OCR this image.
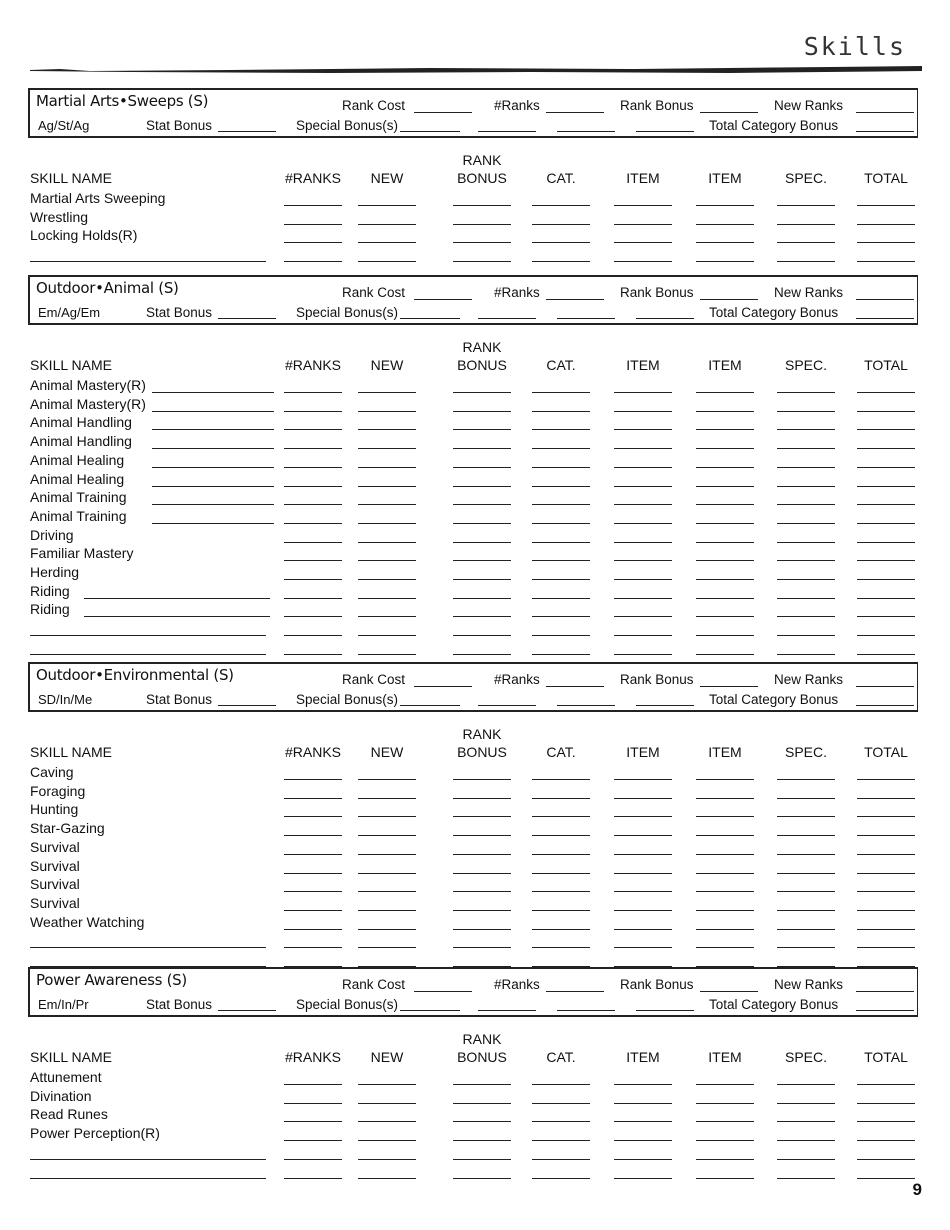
Skills
Martial Arts•Sweeps (S)
Ag/St/Ag
Rank Cost	#Ranks	Rank Bonus	New Ranks
Stat Bonus	Special Bonus(s)	Total Category Bonus
RANK
SKILL NAME	#RANKS	NEW	BONUS	CAT.	ITEM	ITEM	SPEC.	TOTAL
Martial Arts Sweeping
Wrestling
Locking Holds(R)
Outdoor•Animal (S)
Em/Ag/Em
Rank Cost	#Ranks	Rank Bonus	New Ranks
Stat Bonus	Special Bonus(s)	Total Category Bonus
RANK
SKILL NAME	#RANKS	NEW	BONUS	CAT.	ITEM	ITEM	SPEC.	TOTAL
Animal Mastery(R)
Animal Mastery(R)
Animal Handling
Animal Handling
Animal Healing
Animal Healing
Animal Training
Animal Training
Driving
Familiar Mastery
Herding
Riding
Riding
Outdoor•Environmental (S)
SD/In/Me
Rank Cost	#Ranks	Rank Bonus	New Ranks
Stat Bonus	Special Bonus(s)	Total Category Bonus
RANK
SKILL NAME	#RANKS	NEW	BONUS	CAT.	ITEM	ITEM	SPEC.	TOTAL
Caving
Foraging
Hunting
Star-Gazing
Survival
Survival
Survival
Survival
Weather Watching
Power Awareness (S)
Em/In/Pr
Rank Cost	#Ranks	Rank Bonus	New Ranks
Stat Bonus	Special Bonus(s)	Total Category Bonus
RANK
SKILL NAME	#RANKS	NEW	BONUS	CAT.	ITEM	ITEM	SPEC.	TOTAL
Attunement
Divination
Read Runes
Power Perception(R)
9
